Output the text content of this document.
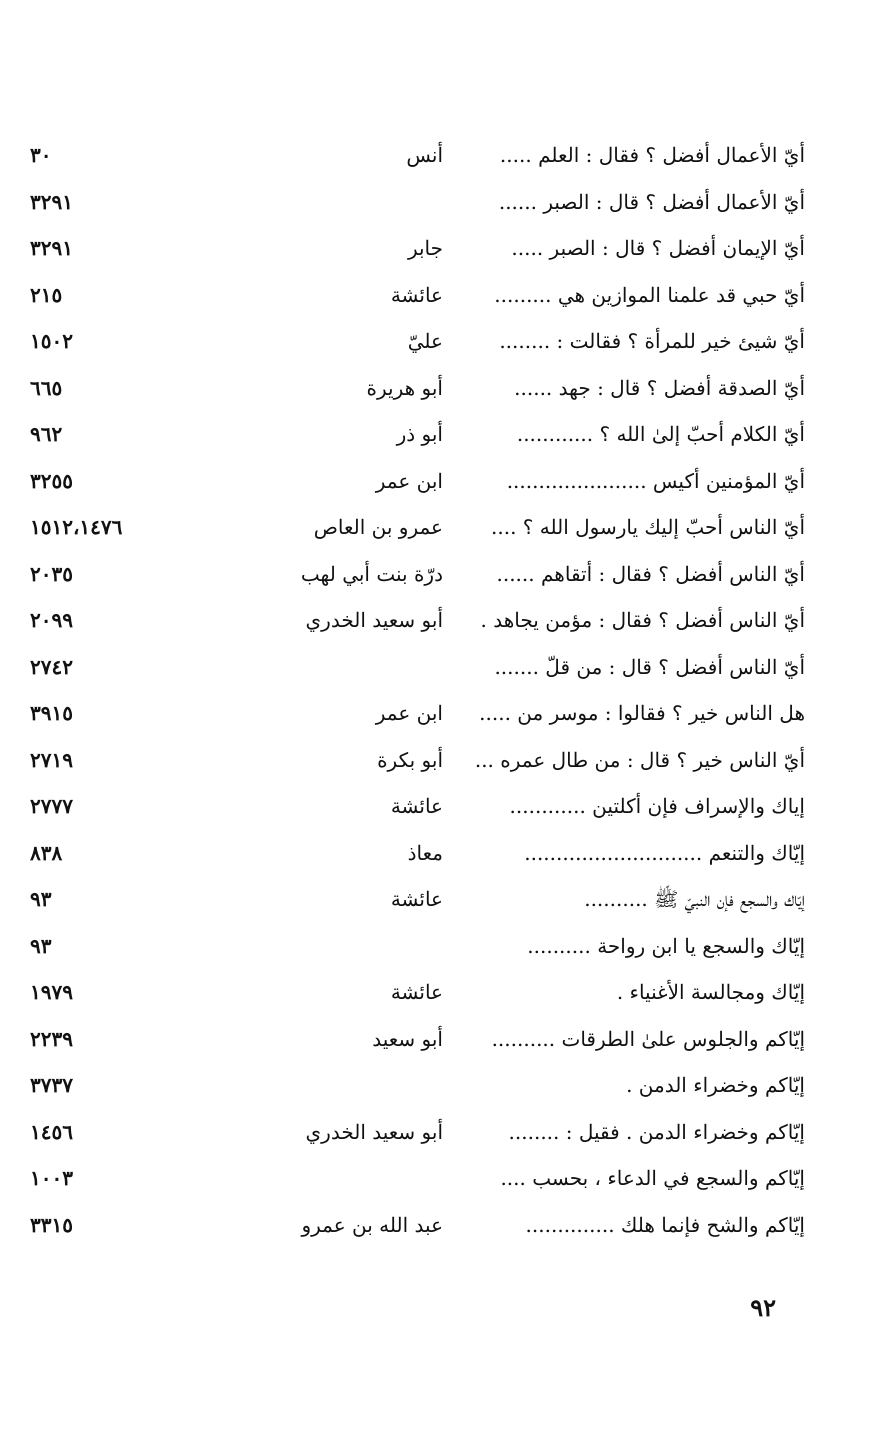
أيّ الأعمال أفضل ؟ فقال : العلم .....
أنس
٣٠
أيّ الأعمال أفضل ؟ قال : الصبر ......
٣٢٩١
أيّ الإيمان أفضل ؟ قال : الصبر .....
جابر
٣٢٩١
أيّ حبي قد علمنا الموازين هي .........
عائشة
٢١٥
أيّ شيئ خير للمرأة ؟ فقالت : ........
عليّ
١٥٠٢
أيّ الصدقة أفضل ؟ قال : جهد ......
أبو هريرة
٦٦٥
أيّ الكلام أحبّ إلىٰ الله ؟ ............
أبو ذر
٩٦٢
أيّ المؤمنين أكيس ......................
ابن عمر
٣٢٥٥
أيّ الناس أحبّ إليك يارسول الله ؟ ....
عمرو بن العاص
١٥١٢،١٤٧٦
أيّ الناس أفضل ؟ فقال : أتقاهم ......
درّة بنت أبي لهب
٢٠٣٥
أيّ الناس أفضل ؟ فقال : مؤمن يجاهد .
أبو سعيد الخدري
٢٠٩٩
أيّ الناس أفضل ؟ قال : من قلّ .......
٢٧٤٢
هل الناس خير ؟ فقالوا : موسر من .....
ابن عمر
٣٩١٥
أيّ الناس خير ؟ قال : من طال عمره ...
أبو بكرة
٢٧١٩
إياك والإسراف فإن أكلتين ............
عائشة
٢٧٧٧
إيّاك والتنعم ............................
معاذ
٨٣٨
إيّاك والسجع فإن النبيّ ﷺ ..........
عائشة
٩٣
إيّاك والسجع يا ابن رواحة ..........
٩٣
إيّاك ومجالسة الأغنياء .
عائشة
١٩٧٩
إيّاكم والجلوس علىٰ الطرقات ..........
أبو سعيد
٢٢٣٩
إيّاكم وخضراء الدمن .
٣٧٣٧
إيّاكم وخضراء الدمن . فقيل : ........
أبو سعيد الخدري
١٤٥٦
إيّاكم والسجع في الدعاء ، بحسب ....
١٠٠٣
إيّاكم والشح فإنما هلك ..............
عبد الله بن عمرو
٣٣١٥
٩٢
